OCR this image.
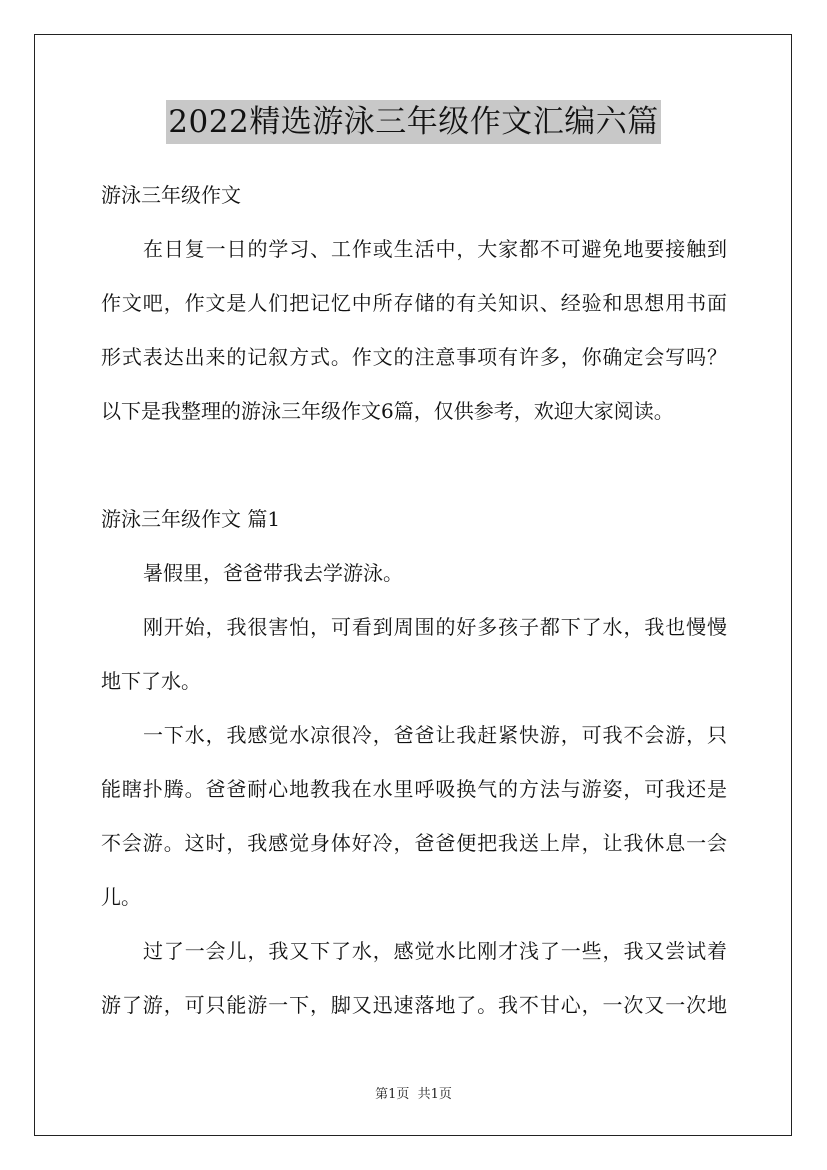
2022精选游泳三年级作文汇编六篇
游泳三年级作文
在日复一日的学习、工作或生活中，大家都不可避免地要接触到
作文吧，作文是人们把记忆中所存储的有关知识、经验和思想用书面
形式表达出来的记叙方式。作文的注意事项有许多，你确定会写吗？
以下是我整理的游泳三年级作文6篇，仅供参考，欢迎大家阅读。
游泳三年级作文 篇1
暑假里，爸爸带我去学游泳。
刚开始，我很害怕，可看到周围的好多孩子都下了水，我也慢慢
地下了水。
一下水，我感觉水凉很冷，爸爸让我赶紧快游，可我不会游，只
能瞎扑腾。爸爸耐心地教我在水里呼吸换气的方法与游姿，可我还是
不会游。这时，我感觉身体好冷，爸爸便把我送上岸，让我休息一会
儿。
过了一会儿，我又下了水，感觉水比刚才浅了一些，我又尝试着
游了游，可只能游一下，脚又迅速落地了。我不甘心，一次又一次地
第1页  共1页
